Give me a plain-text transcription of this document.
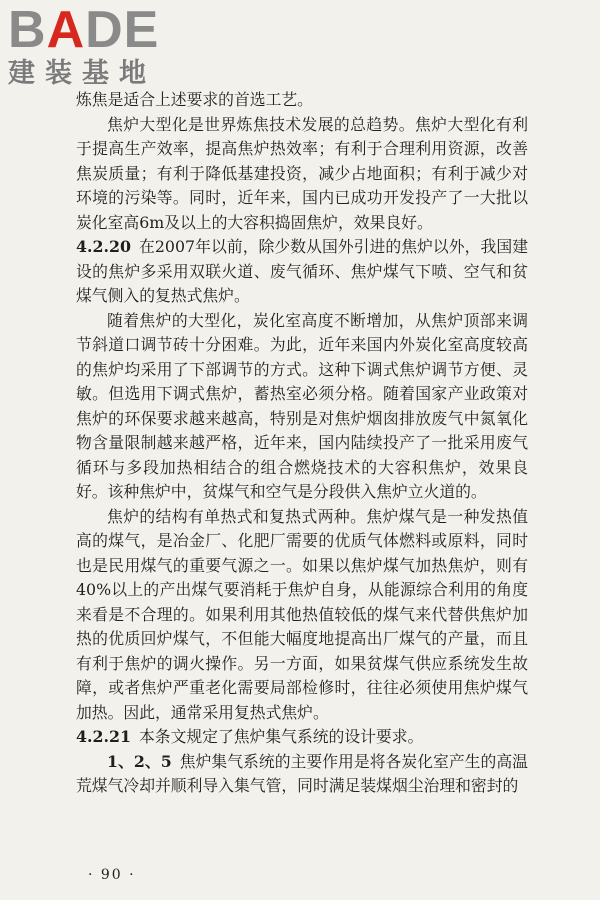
BADE
建装基地

炼焦是适合上述要求的首选工艺。

焦炉大型化是世界炼焦技术发展的总趋势。焦炉大型化有利于提高生产效率，提高焦炉热效率；有利于合理利用资源，改善焦炭质量；有利于降低基建投资，减少占地面积；有利于减少对环境的污染等。同时，近年来，国内已成功开发投产了一大批以炭化室高6m及以上的大容积捣固焦炉，效果良好。

4.2.20 在2007年以前，除少数从国外引进的焦炉以外，我国建设的焦炉多采用双联火道、废气循环、焦炉煤气下喷、空气和贫煤气侧入的复热式焦炉。

随着焦炉的大型化，炭化室高度不断增加，从焦炉顶部来调节斜道口调节砖十分困难。为此，近年来国内外炭化室高度较高的焦炉均采用了下部调节的方式。这种下调式焦炉调节方便、灵敏。但选用下调式焦炉，蓄热室必须分格。随着国家产业政策对焦炉的环保要求越来越高，特别是对焦炉烟囱排放废气中氮氧化物含量限制越来越严格，近年来，国内陆续投产了一批采用废气循环与多段加热相结合的组合燃烧技术的大容积焦炉，效果良好。该种焦炉中，贫煤气和空气是分段供入焦炉立火道的。

焦炉的结构有单热式和复热式两种。焦炉煤气是一种发热值高的煤气，是冶金厂、化肥厂需要的优质气体燃料或原料，同时也是民用煤气的重要气源之一。如果以焦炉煤气加热焦炉，则有40%以上的产出煤气要消耗于焦炉自身，从能源综合利用的角度来看是不合理的。如果利用其他热值较低的煤气来代替供焦炉加热的优质回炉煤气，不但能大幅度地提高出厂煤气的产量，而且有利于焦炉的调火操作。另一方面，如果贫煤气供应系统发生故障，或者焦炉严重老化需要局部检修时，往往必须使用焦炉煤气加热。因此，通常采用复热式焦炉。

4.2.21 本条文规定了焦炉集气系统的设计要求。

1、2、5 焦炉集气系统的主要作用是将各炭化室产生的高温荒煤气冷却并顺利导入集气管，同时满足装煤烟尘治理和密封的

· 90 ·
